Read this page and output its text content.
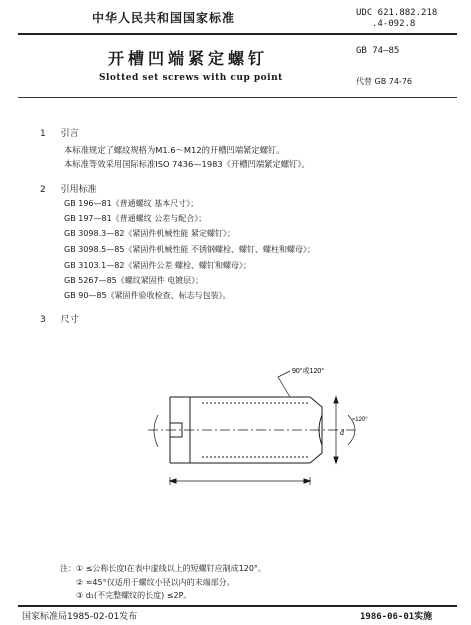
中华人民共和国国家标准	UDC 621.882.218
.4-092.8
开槽凹端紧定螺钉	GB 74—85
Slotted set screws with cup point	代替 GB 74-76
1 引言
本标准规定了螺纹规格为M1.6～M12的开槽凹端紧定螺钉。
本标准等效采用国际标准ISO 7436—1983《开槽凹端紧定螺钉》。
2 引用标准
GB 196—81《普通螺纹 基本尺寸》；
GB 197—81《普通螺纹 公差与配合》；
GB 3098.3—82《紧固件机械性能 紧定螺钉》；
GB 3098.5—85《紧固件机械性能 不锈钢螺栓、螺钉、螺柱和螺母》；
GB 3103.1—82《紧固件公差 螺栓、螺钉和螺母》；
GB 5267—85《螺纹紧固件 电镀层》；
GB 90—85《紧固件验收检查、标志与包装》。
3 尺寸
90°或120°
d
≈120°
注：① ≤公称长度l在表中虚线以上的短螺钉应制成120°。
② ≈45°仅适用于螺纹小径以内的末端部分。
③ d₁(不完整螺纹的长度) ≤2P。
国家标准局1985-02-01发布	1986-06-01实施
